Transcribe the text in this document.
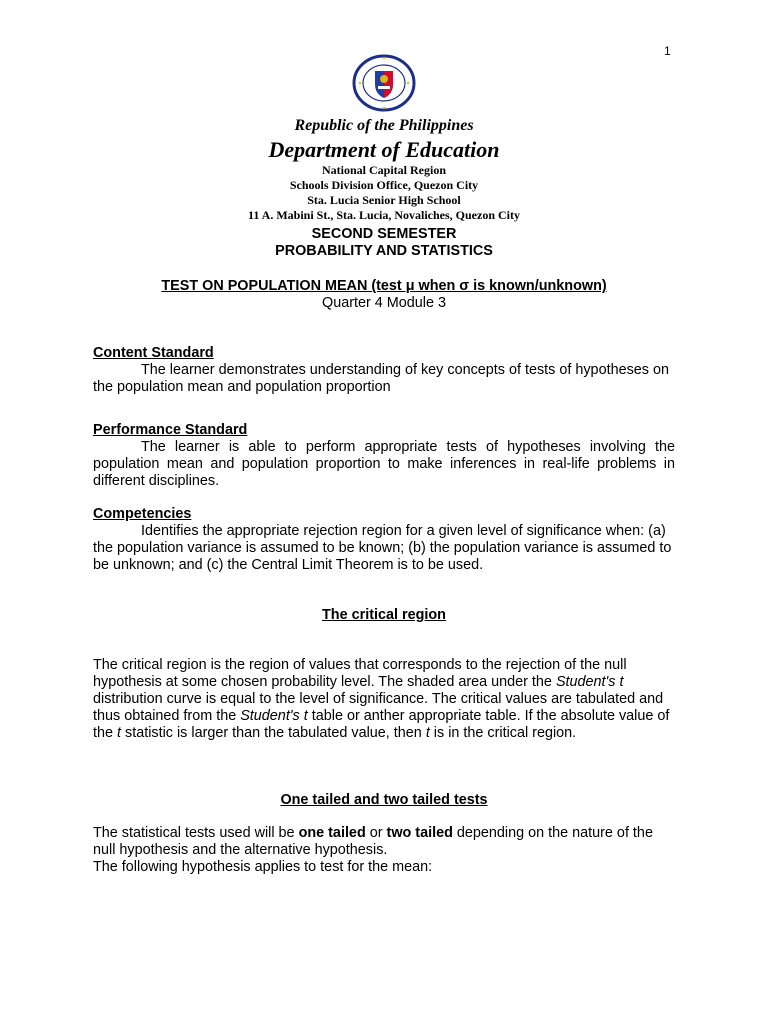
1
Republic of the Philippines
Department of Education
National Capital Region
Schools Division Office, Quezon City
Sta. Lucia Senior High School
11 A. Mabini St., Sta. Lucia, Novaliches, Quezon City
SECOND SEMESTER
PROBABILITY AND STATISTICS
TEST ON POPULATION MEAN (test μ when σ is known/unknown)
Quarter 4 Module 3
Content Standard
The learner demonstrates understanding of key concepts of tests of hypotheses on the population mean and population proportion
Performance Standard
The learner is able to perform appropriate tests of hypotheses involving the population mean and population proportion to make inferences in real-life problems in different disciplines.
Competencies
Identifies the appropriate rejection region for a given level of significance when: (a) the population variance is assumed to be known; (b) the population variance is assumed to be unknown; and (c) the Central Limit Theorem is to be used.
The critical region
The critical region is the region of values that corresponds to the rejection of the null hypothesis at some chosen probability level. The shaded area under the Student's t distribution curve is equal to the level of significance. The critical values are tabulated and thus obtained from the Student's t table or anther appropriate table. If the absolute value of the t statistic is larger than the tabulated value, then t is in the critical region.
One tailed and two tailed tests
The statistical tests used will be one tailed or two tailed depending on the nature of the null hypothesis and the alternative hypothesis.
The following hypothesis applies to test for the mean:
